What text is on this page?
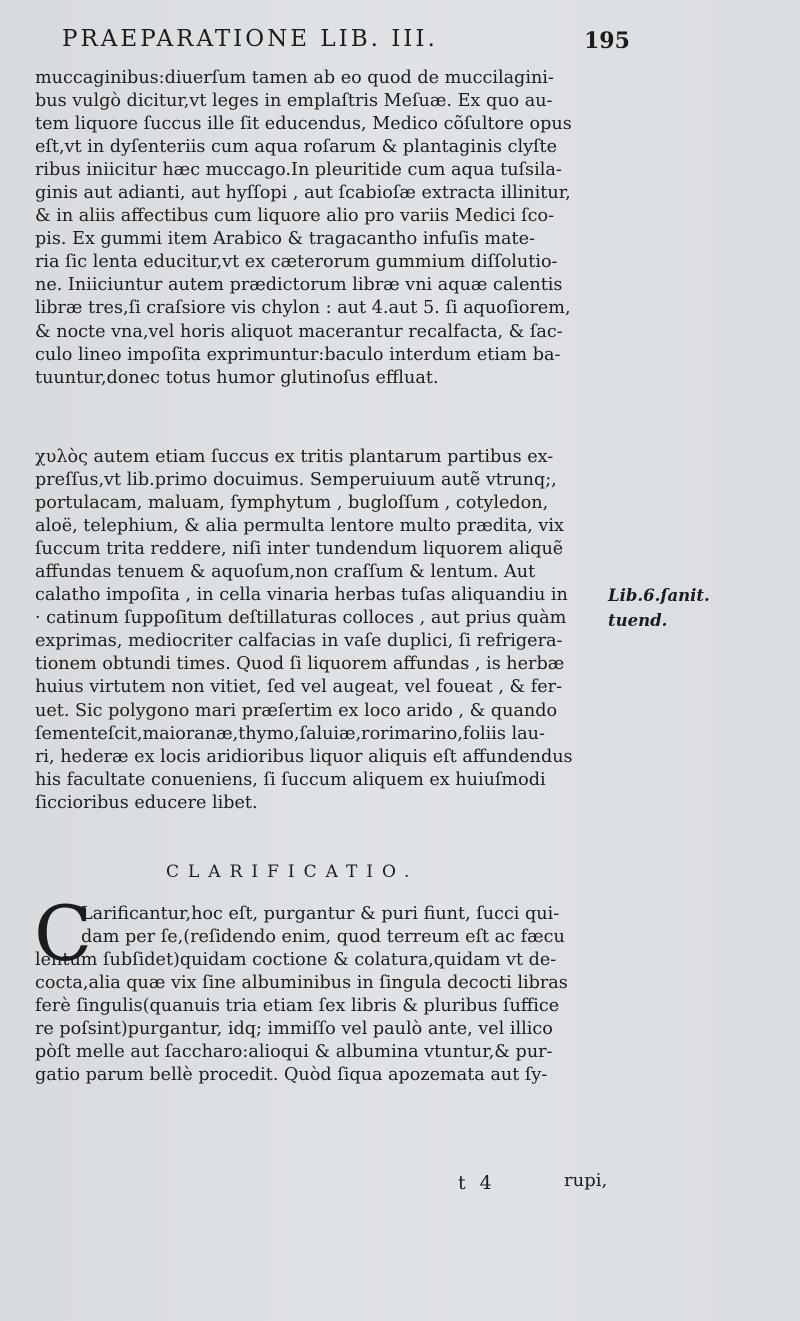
PRAEPARATIONE LIB. III.	195
muccaginibus:diuerſum tamen ab eo quod de muccilagini-
bus vulgò dicitur,vt leges in emplaſtris Meſuæ. Ex quo au-
tem liquore ſuccus ille ſit educendus, Medico cõſultore opus
eſt,vt in dyſenteriis cum aqua roſarum & plantaginis clyſte
ribus iniicitur hæc muccago.In pleuritide cum aqua tuſsila-
ginis aut adianti, aut hyſſopi , aut ſcabioſæ extracta illinitur,
& in aliis affectibus cum liquore alio pro variis Medici ſco-
pis. Ex gummi item Arabico & tragacantho infuſis mate-
ria ſic lenta educitur,vt ex cæterorum gummium diſſolutio-
ne. Iniiciuntur autem prædictorum libræ vni aquæ calentis
libræ tres,ſi craſsiore vis chylon : aut 4.aut 5. ſi aquoſiorem,
& nocte vna,vel horis aliquot macerantur recalfacta, & ſac-
culo lineo impoſita exprimuntur:baculo interdum etiam ba-
tuuntur,donec totus humor glutinoſus effluat.
χυλὸς autem etiam ſuccus ex tritis plantarum partibus ex-
preſſus,vt lib.primo docuimus. Semperuiuum autẽ vtrunq;,
portulacam, maluam, ſymphytum , bugloſſum , cotyledon,
aloë, telephium, & alia permulta lentore multo prædita, vix
ſuccum trita reddere, niſi inter tundendum liquorem aliquẽ
affundas tenuem & aquoſum,non craſſum & lentum. Aut
calatho impoſita , in cella vinaria herbas tuſas aliquandiu in
· catinum ſuppoſitum deſtillaturas colloces , aut prius quàm
exprimas, mediocriter calfacias in vaſe duplici, ſi refrigera-
tionem obtundi times. Quod ſi liquorem affundas , is herbæ
huius virtutem non vitiet, ſed vel augeat, vel foueat , & fer-
uet. Sic polygono mari præſertim ex loco arido , & quando
ſementeſcit,maioranæ,thymo,ſaluiæ,rorimarino,foliis lau-
ri, hederæ ex locis aridioribus liquor aliquis eſt affundendus
his facultate conueniens, ſi ſuccum aliquem ex huiuſmodi
ſiccioribus educere libet.
Lib.6.ſanit.
tuend.
CLARIFICATIO.
C
Larificantur,hoc eſt, purgantur & puri fiunt, ſucci qui-
dam per ſe,(reſidendo enim, quod terreum eſt ac fæcu
lentum ſubſidet)quidam coctione & colatura,quidam vt de-
cocta,alia quæ vix ſine albuminibus in ſingula decocti libras
ferè ſingulis(quanuis tria etiam ſex libris & pluribus ſuffice
re poſsint)purgantur, idq; immiſſo vel paulò ante, vel illico
pòſt melle aut ſaccharo:alioqui & albumina vtuntur,& pur-
gatio parum bellè procedit. Quòd ſiqua apozemata aut ſy-
t 4	rupi,
